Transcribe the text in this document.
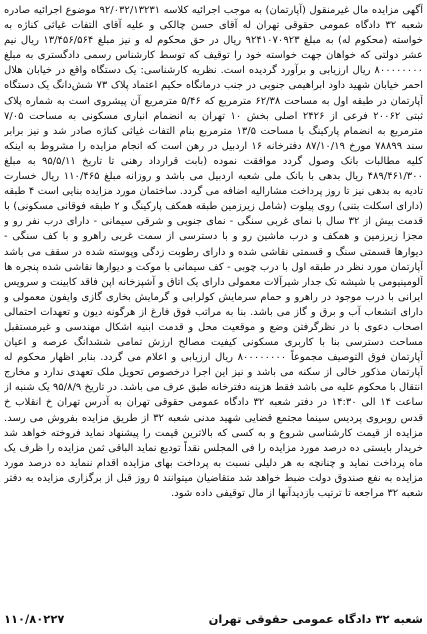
آگهی مزایده مال غیرمنقول (آپارتمان) به موجب اجرائیه کلاسه ۹۲/۰۳۲/۱۳۲۳۱ موضوع اجرائیه صادره شعبه ۳۲ دادگاه عمومی حقوقی تهران له آقای حسن چالکی و علیه آقای التفات غیاثی کناژه به خواسته (محکوم له) به مبلغ ۹۲۴۱۰۷۰۹۲۳ ریال در حق محکوم له و نیز مبلغ ۱۳/۴۵۶/۵۶۴ ریال نیم عشر دولتی که خواهان جهت خواسته خود را توقیف که توسط کارشناس رسمی دادگستری به مبلغ ۸۰۰۰۰۰۰۰۰ ریال ارزیابی و برآورد گردیده است. نظریه کارشناسی: یک دستگاه واقع در خیابان هلال احمر خیابان شهید داود ابراهیمی جنوبی در جنب درمانگاه حکیم اعتماد پلاک ۷۳ شش‌دانگ یک دستگاه آپارتمان در طبقه اول به مساحت ۶۲/۳۸ مترمربع که ۵/۴۶ مترمربع آن پیشروی است به شماره پلاک ثبتی ۲۰۰۶۲ فرعی از ۲۴۲۶ اصلی بخش ۱۰ تهران به انضمام انباری مسکونی به مساحت ۷/۰۵ مترمربع به انضمام پارکینگ با مساحت ۱۳/۵ مترمربع بنام التفات غیاثی کناژه صادر شد و نیز برابر سند ۷۸۸۹۹ مورخ ۸۷/۱۰/۱۹ دفترخانه ۱۶ اردبیل در رهن است که انجام مزایده را مشروط به اینکه کلیه مطالبات بانک وصول گردد موافقت نموده (بابت قرارداد رهنی تا تاریخ ۹۵/۵/۱۱ به مبلغ ۴۸۹/۴۶۱/۳۰۰ ریال بدهی با بانک ملی شعبه اردبیل می باشد و روزانه مبلغ ۱۱۰/۴۶۵ ریال خسارت تادیه به بدهی نیز تا روز پرداخت مشارالیه اضافه می گردد. ساختمان مورد مزایده بنایی است ۴ طبقه (دارای اسکلت بتنی) روی پیلوت (شامل زیرزمین طبقه همکف پارکینگ و ۲ طبقه فوقانی مسکونی) با قدمت بیش از ۳۲ سال با نمای غربی سنگی - نمای جنوبی و شرقی سیمانی - دارای درب نفر رو و مجزا زیرزمین و همکف و درب ماشین رو و با دسترسی از سمت غربی راهرو و با کف سنگی - دیوارها قسمتی سنگ و قسمتی نقاشی شده و دارای رطوبت زدگی وپوسته شده در سقف می باشد آپارتمان مورد نظر در طبقه اول با درب چوبی - کف سیمانی با موکت و دیوارها نقاشی شده پنجره ها آلومینیومی با شیشه تک جدار شیرآلات معمولی دارای یک اتاق و آشپزخانه اپن فاقد کابینت و سرویس ایرانی با درب موجود در راهرو و حمام سرمایش کولرابی و گرمایش بخاری گازی وایفون معمولی و دارای انشعاب آب و برق و گاز می باشد. بنا به مراتب فوق فارغ از هرگونه دیون و تعهدات احتمالی اصحاب دعوی با در نظرگرفتن وضع و موقعیت محل و قدمت ابنیه اشکال مهندسی و غیرمستقبل مساحت دسترسی بنا با کاربری مسکونی کیفیت مصالح ارزش تمامی ششدانگ عرصه و اعیان آپارتمان فوق التوصیف مجموعاً ۸۰۰۰۰۰۰۰۰ ریال ارزیابی و اعلام می گردد. بنابر اظهار محکوم له آپارتمان مذکور خالی از سکنه می باشد و نیز این اجرا درخصوص تحویل ملک تعهدی ندارد و مخارج انتقال با محکوم علیه می باشد فقط هزینه دفترخانه طبق عرف می باشد. در تاریخ ۹۵/۸/۹ یک شنبه از ساعت ۱۴ الی ۱۴:۳۰ در دفتر شعبه ۳۲ دادگاه عمومی حقوقی تهران به آدرس تهران خ انقلاب خ قدس روبروی پردیس سینما مجتمع قضایی شهید مدنی شعبه ۳۲ از طریق مزایده بفروش می رسد. مزایده از قیمت کارشناسی شروع و به کسی که بالاترین قیمت را پیشنهاد نماید فروخته خواهد شد خریدار بایستی ده درصد مورد مزایده را فی المجلس نقداً تودیع نماید الباقی ثمن مزایده را ظرف یک ماه پرداخت نماید و چنانچه به هر دلیلی نسبت به پرداخت بهای مزایده اقدام ننماید ده درصد مورد مزایده به نفع صندوق دولت ضبط خواهد شد متقاضیان میتوانند ۵ روز قبل از برگزاری مزایده به دفتر شعبه ۳۲ مراجعه تا ترتیب بازدیدآنها از مال توقیفی داده شود.

شعبه ۳۲ دادگاه عمومی حقوقی تهران
۱۱۰/۸۰۲۲۷
